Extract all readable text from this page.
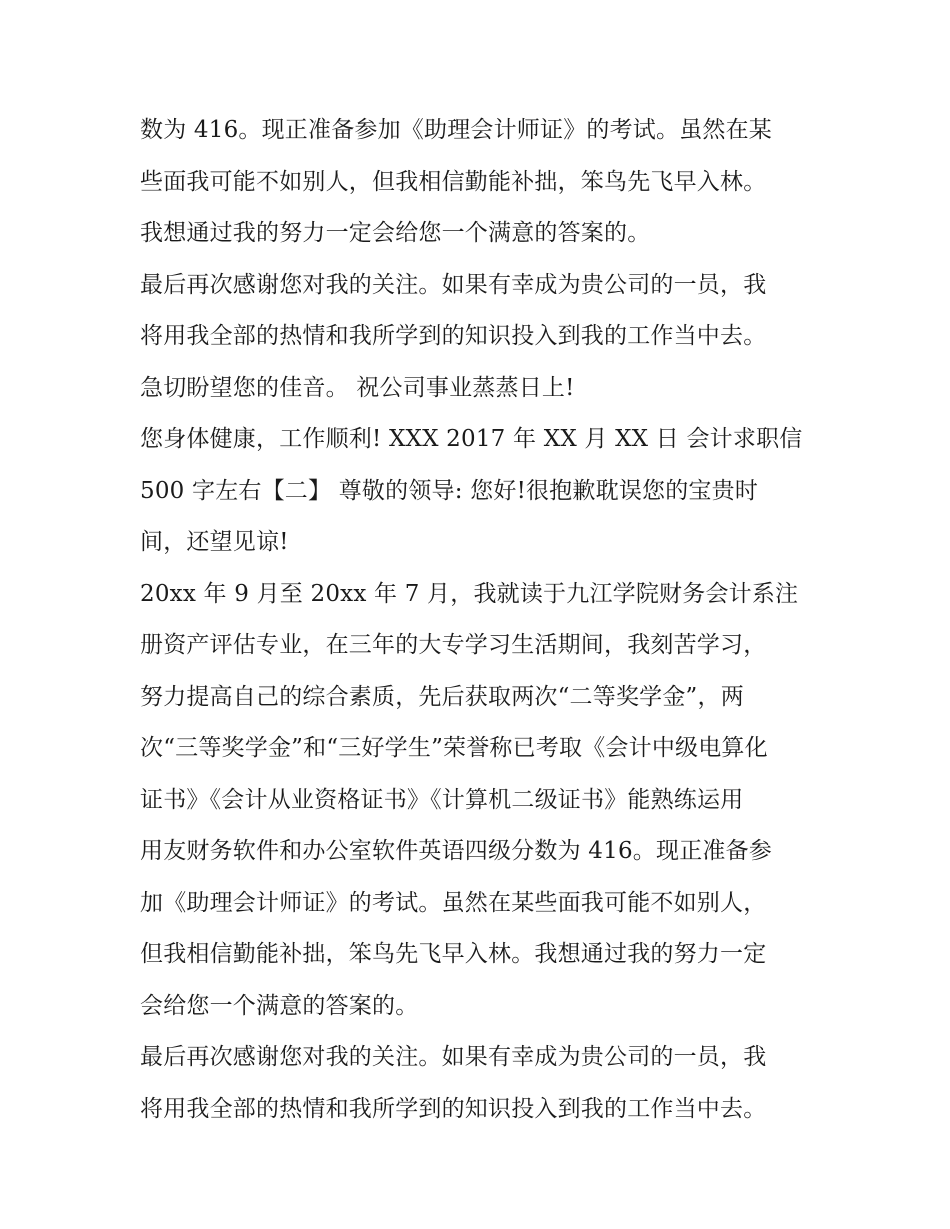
数为 416。现正准备参加《助理会计师证》的考试。虽然在某
些面我可能不如别人，但我相信勤能补拙，笨鸟先飞早入林。
我想通过我的努力一定会给您一个满意的答案的。
最后再次感谢您对我的关注。如果有幸成为贵公司的一员，我
将用我全部的热情和我所学到的知识投入到我的工作当中去。
急切盼望您的佳音。 祝公司事业蒸蒸日上!
您身体健康，工作顺利! XXX 2017 年 XX 月 XX 日 会计求职信
500 字左右【二】 尊敬的领导: 您好!很抱歉耽误您的宝贵时
间，还望见谅!
20xx 年 9 月至 20xx 年 7 月，我就读于九江学院财务会计系注
册资产评估专业，在三年的大专学习生活期间，我刻苦学习，
努力提高自己的综合素质，先后获取两次“二等奖学金”，两
次“三等奖学金”和“三好学生”荣誉称已考取《会计中级电算化
证书》《会计从业资格证书》《计算机二级证书》能熟练运用
用友财务软件和办公室软件英语四级分数为 416。现正准备参
加《助理会计师证》的考试。虽然在某些面我可能不如别人，
但我相信勤能补拙，笨鸟先飞早入林。我想通过我的努力一定
会给您一个满意的答案的。
最后再次感谢您对我的关注。如果有幸成为贵公司的一员，我
将用我全部的热情和我所学到的知识投入到我的工作当中去。
